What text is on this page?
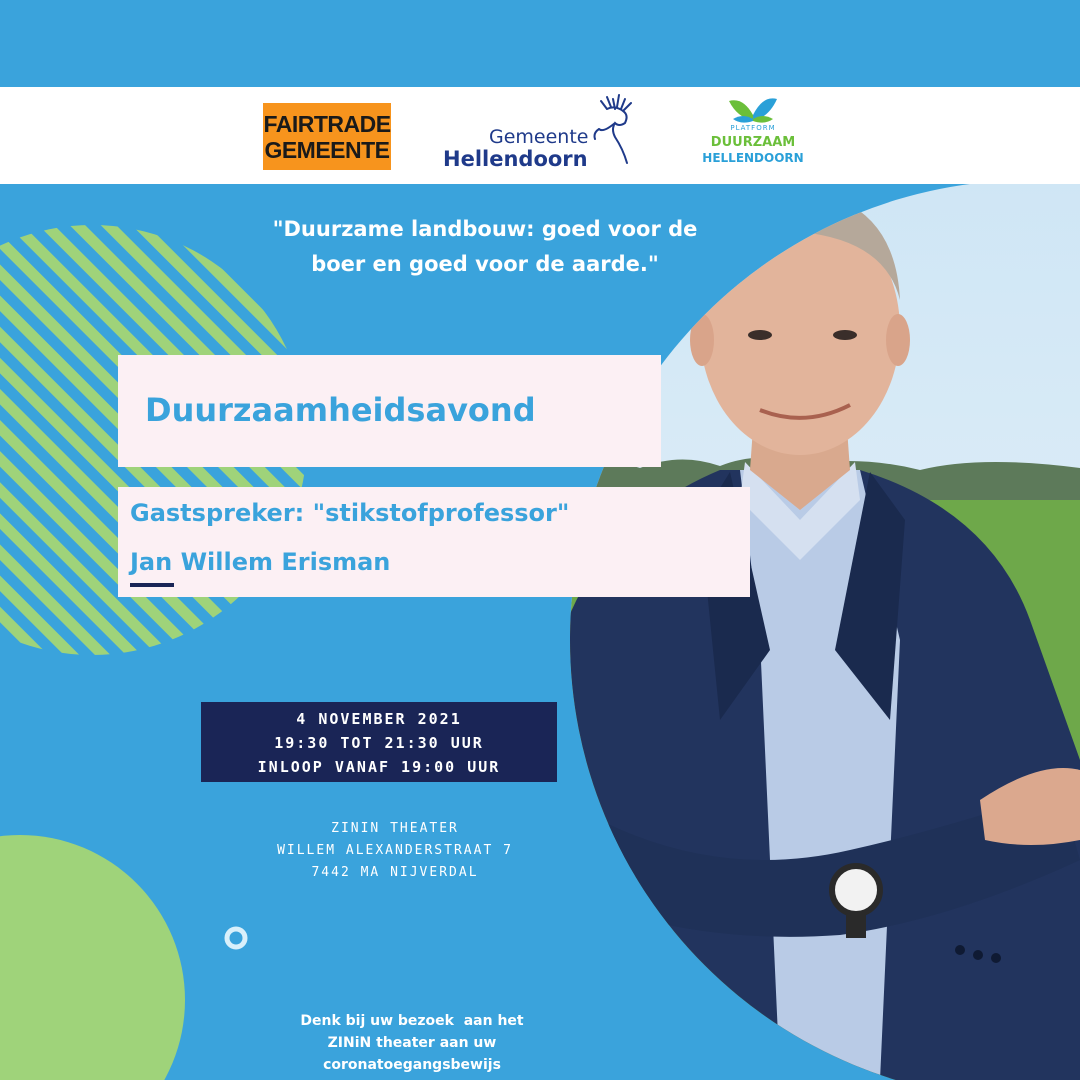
FAIRTRADE
GEMEENTE	Gemeente
Hellendoorn
PLATFORM
DUURZAAM
HELLENDOORN
"Duurzame landbouw: goed voor de
boer en goed voor de aarde."
Duurzaamheidsavond
Gastspreker: "stikstofprofessor"
Jan Willem Erisman
4 NOVEMBER 2021
19:30 TOT 21:30 UUR
INLOOP VANAF 19:00 UUR
ZININ THEATER
WILLEM ALEXANDERSTRAAT 7
7442 MA NIJVERDAL
Denk bij uw bezoek  aan het
ZINiN theater aan uw
coronatoegangsbewijs
